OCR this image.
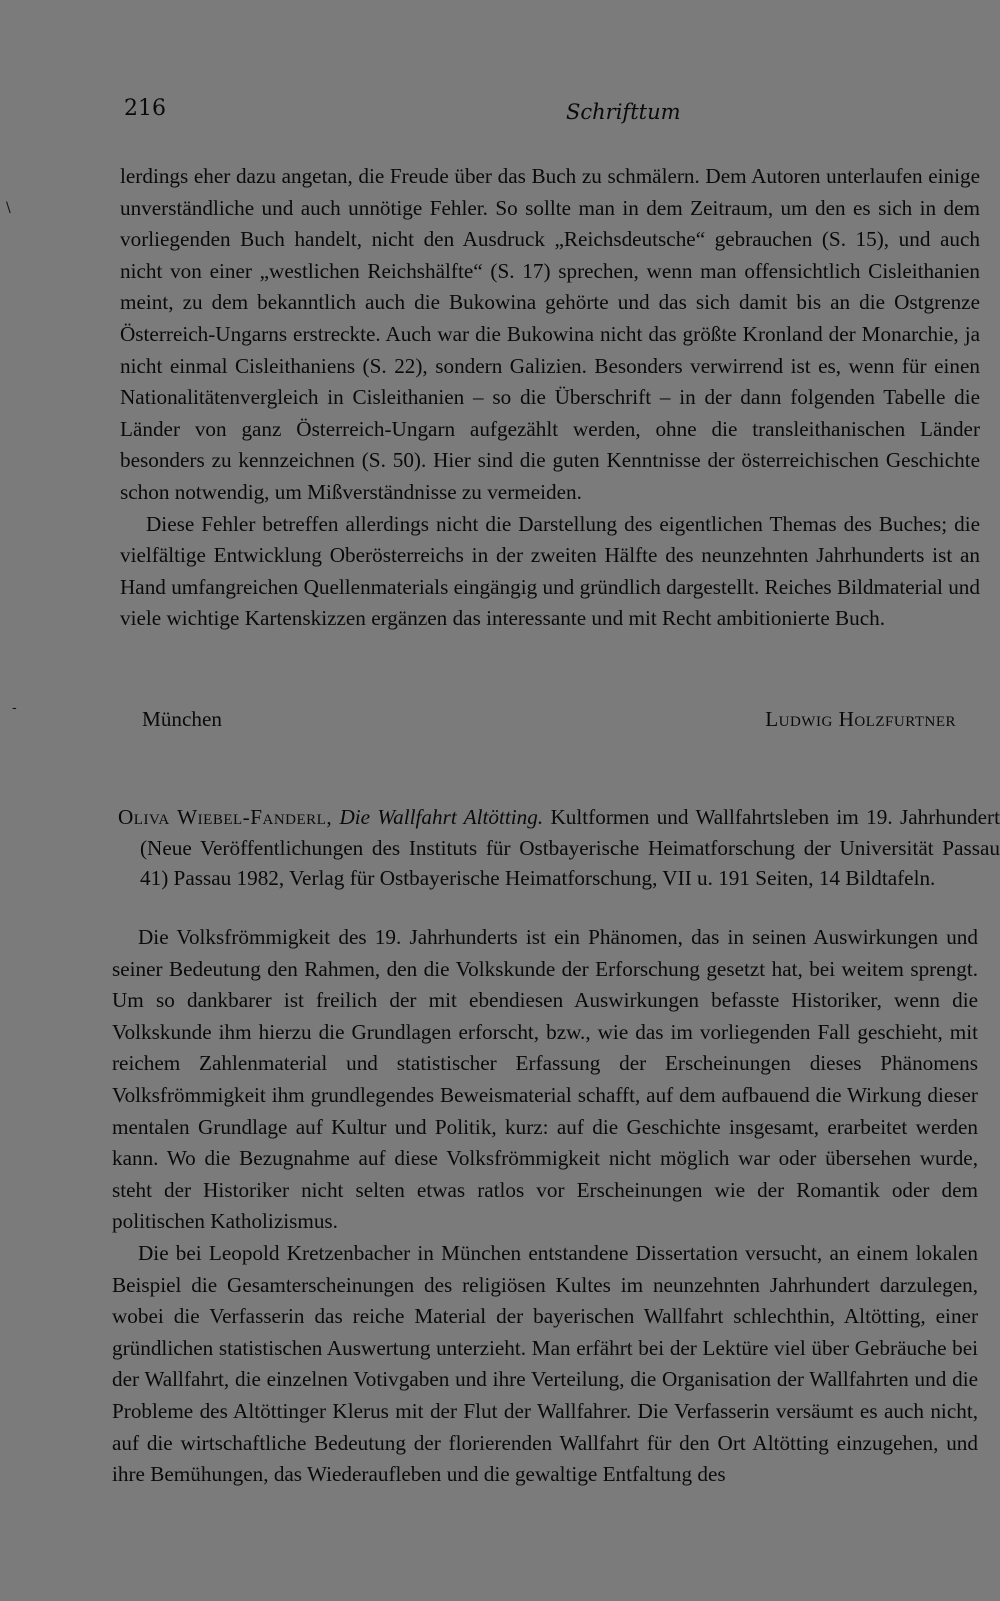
216	Schrifttum
\
-

lerdings eher dazu angetan, die Freude über das Buch zu schmälern. Dem Autoren unterlaufen einige unverständliche und auch unnötige Fehler. So sollte man in dem Zeitraum, um den es sich in dem vorliegenden Buch handelt, nicht den Ausdruck „Reichsdeutsche“ gebrauchen (S. 15), und auch nicht von einer „westlichen Reichshälfte“ (S. 17) sprechen, wenn man offensichtlich Cisleithanien meint, zu dem bekanntlich auch die Bukowina gehörte und das sich damit bis an die Ostgrenze Österreich-Ungarns erstreckte. Auch war die Bukowina nicht das größte Kronland der Monarchie, ja nicht einmal Cisleithaniens (S. 22), sondern Galizien. Besonders verwirrend ist es, wenn für einen Nationalitätenvergleich in Cisleithanien – so die Überschrift – in der dann folgenden Tabelle die Länder von ganz Österreich-Ungarn aufgezählt werden, ohne die transleithanischen Länder besonders zu kennzeichnen (S. 50). Hier sind die guten Kenntnisse der österreichischen Geschichte schon notwendig, um Mißverständnisse zu vermeiden.

Diese Fehler betreffen allerdings nicht die Darstellung des eigentlichen Themas des Buches; die vielfältige Entwicklung Oberösterreichs in der zweiten Hälfte des neunzehnten Jahrhunderts ist an Hand umfangreichen Quellenmaterials eingängig und gründlich dargestellt. Reiches Bildmaterial und viele wichtige Kartenskizzen ergänzen das interessante und mit Recht ambitionierte Buch.

München	Ludwig Holzfurtner
Oliva Wiebel-Fanderl, Die Wallfahrt Altötting. Kultformen und Wallfahrtsleben im 19. Jahrhundert (Neue Veröffentlichungen des Instituts für Ostbayerische Heimatforschung der Universität Passau 41) Passau 1982, Verlag für Ostbayerische Heimatforschung, VII u. 191 Seiten, 14 Bildtafeln.

Die Volksfrömmigkeit des 19. Jahrhunderts ist ein Phänomen, das in seinen Auswirkungen und seiner Bedeutung den Rahmen, den die Volkskunde der Erforschung gesetzt hat, bei weitem sprengt. Um so dankbarer ist freilich der mit ebendiesen Auswirkungen befasste Historiker, wenn die Volkskunde ihm hierzu die Grundlagen erforscht, bzw., wie das im vorliegenden Fall geschieht, mit reichem Zahlenmaterial und statistischer Erfassung der Erscheinungen dieses Phänomens Volksfrömmigkeit ihm grundlegendes Beweismaterial schafft, auf dem aufbauend die Wirkung dieser mentalen Grundlage auf Kultur und Politik, kurz: auf die Geschichte insgesamt, erarbeitet werden kann. Wo die Bezugnahme auf diese Volksfrömmigkeit nicht möglich war oder übersehen wurde, steht der Historiker nicht selten etwas ratlos vor Erscheinungen wie der Romantik oder dem politischen Katholizismus.

Die bei Leopold Kretzenbacher in München entstandene Dissertation versucht, an einem lokalen Beispiel die Gesamterscheinungen des religiösen Kultes im neunzehnten Jahrhundert darzulegen, wobei die Verfasserin das reiche Material der bayerischen Wallfahrt schlechthin, Altötting, einer gründlichen statistischen Auswertung unterzieht. Man erfährt bei der Lektüre viel über Gebräuche bei der Wallfahrt, die einzelnen Votivgaben und ihre Verteilung, die Organisation der Wallfahrten und die Probleme des Altöttinger Klerus mit der Flut der Wallfahrer. Die Verfasserin versäumt es auch nicht, auf die wirtschaftliche Bedeutung der florierenden Wallfahrt für den Ort Altötting einzugehen, und ihre Bemühungen, das Wiederaufleben und die gewaltige Entfaltung des
